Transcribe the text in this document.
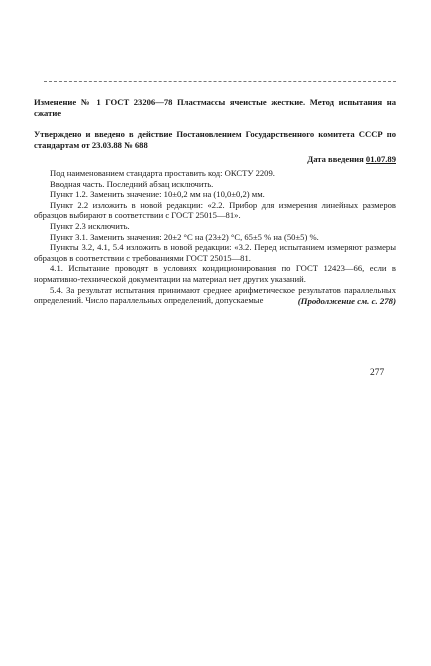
Изменение № 1 ГОСТ 23206—78 Пластмассы ячеистые жесткие. Метод испытания на сжатие

Утверждено и введено в действие Постановлением Государственного комитета СССР по стандартам от 23.03.88 № 688

Дата введения 01.07.89

Под наименованием стандарта проставить код: ОКСТУ 2209.

Вводная часть. Последний абзац исключить.

Пункт 1.2. Заменить значение: 10±0,2 мм на (10,0±0,2) мм.

Пункт 2.2 изложить в новой редакции: «2.2. Прибор для измерения линейных размеров образцов выбирают в соответствии с ГОСТ 25015—81».

Пункт 2.3 исключить.

Пункт 3.1. Заменить значения: 20±2 °С на (23±2) °С, 65±5 % на (50±5) %.

Пункты 3.2, 4.1, 5.4 изложить в новой редакции: «3.2. Перед испытанием измеряют размеры образцов в соответствии с требованиями ГОСТ 25015—81.

4.1. Испытание проводят в условиях кондиционирования по ГОСТ 12423—66, если в нормативно-технической документации на материал нет других указаний.

5.4. За результат испытания принимают среднее арифметическое результатов параллельных определений. Число параллельных определений, допускаемые	(Продолжение см. с. 278)
277
